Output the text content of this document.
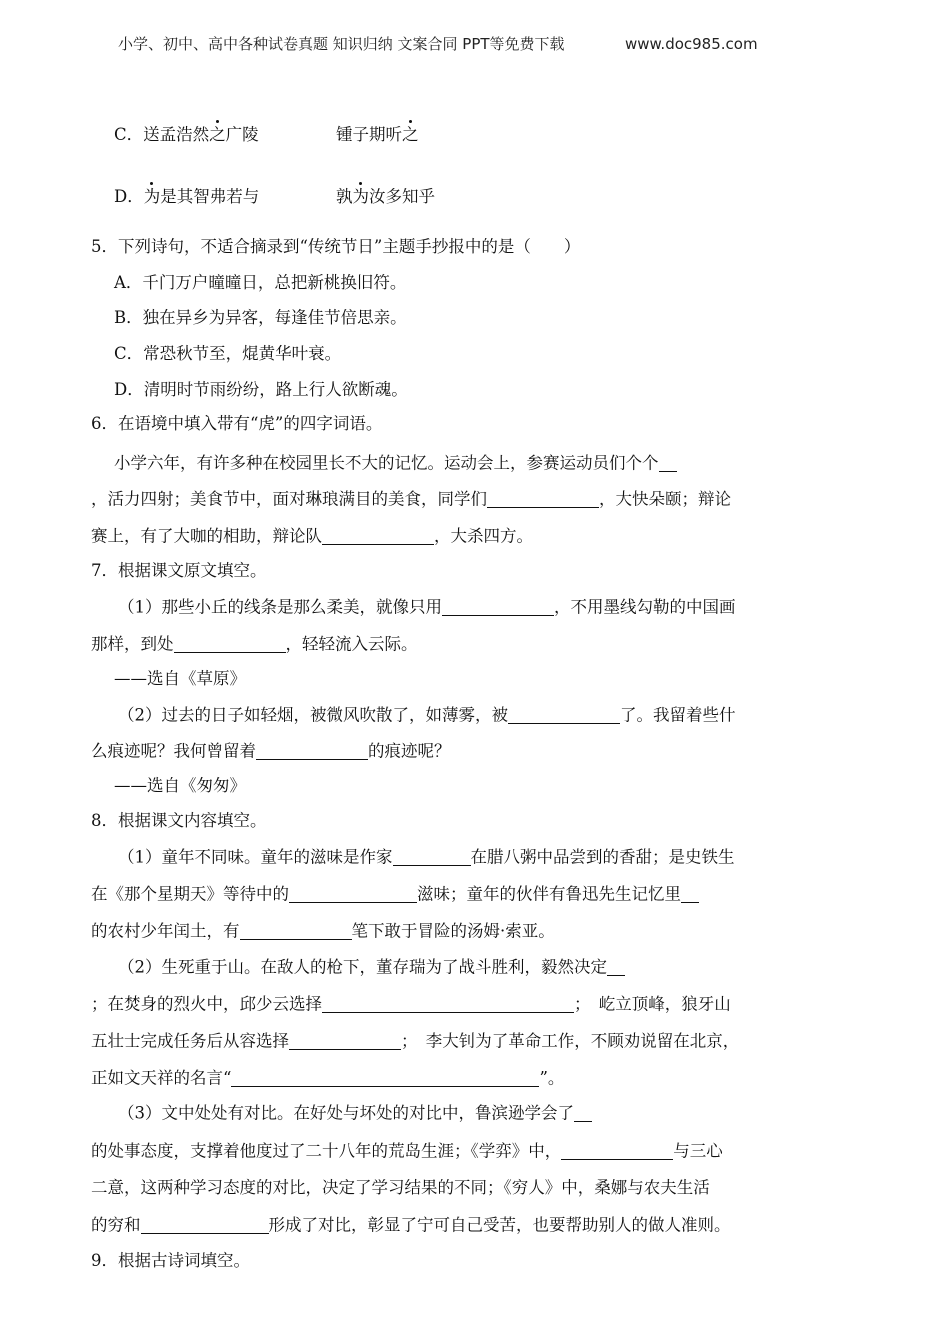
小学、初中、高中各种试卷真题 知识归纳 文案合同 PPT等免费下载	www.doc985.com
C．送孟浩然之广陵	锺子期听之
D．为是其智弗若与	孰为汝多知乎
5．下列诗句，不适合摘录到“传统节日”主题手抄报中的是（　　）
A．千门万户曈曈日，总把新桃换旧符。
B．独在异乡为异客，每逢佳节倍思亲。
C．常恐秋节至，焜黄华叶衰。
D．清明时节雨纷纷，路上行人欲断魂。
6．在语境中填入带有“虎”的四字词语。
小学六年，有许多种在校园里长不大的记忆。运动会上，参赛运动员们个个
，活力四射；美食节中，面对琳琅满目的美食，同学们	，大快朵颐；辩论
赛上，有了大咖的相助，辩论队	，大杀四方。
7．根据课文原文填空。
（1）那些小丘的线条是那么柔美，就像只用	，不用墨线勾勒的中国画
那样，到处	，轻轻流入云际。
——选自《草原》
（2）过去的日子如轻烟，被微风吹散了，如薄雾，被	了。我留着些什
么痕迹呢？我何曾留着	的痕迹呢？
——选自《匆匆》
8．根据课文内容填空。
（1）童年不同味。童年的滋味是作家	在腊八粥中品尝到的香甜；是史铁生
在《那个星期天》等待中的	滋味；童年的伙伴有鲁迅先生记忆里
的农村少年闰土，有	笔下敢于冒险的汤姆·索亚。
（2）生死重于山。在敌人的枪下，董存瑞为了战斗胜利，毅然决定
；在焚身的烈火中，邱少云选择	；　屹立顶峰，狼牙山
五壮士完成任务后从容选择	；　李大钊为了革命工作，不顾劝说留在北京，
正如文天祥的名言“	”。
（3）文中处处有对比。在好处与坏处的对比中，鲁滨逊学会了
的处事态度，支撑着他度过了二十八年的荒岛生涯；《学弈》中，	与三心
二意，这两种学习态度的对比，决定了学习结果的不同；《穷人》中，桑娜与农夫生活
的穷和	形成了对比，彰显了宁可自己受苦，也要帮助别人的做人准则。
9．根据古诗词填空。
